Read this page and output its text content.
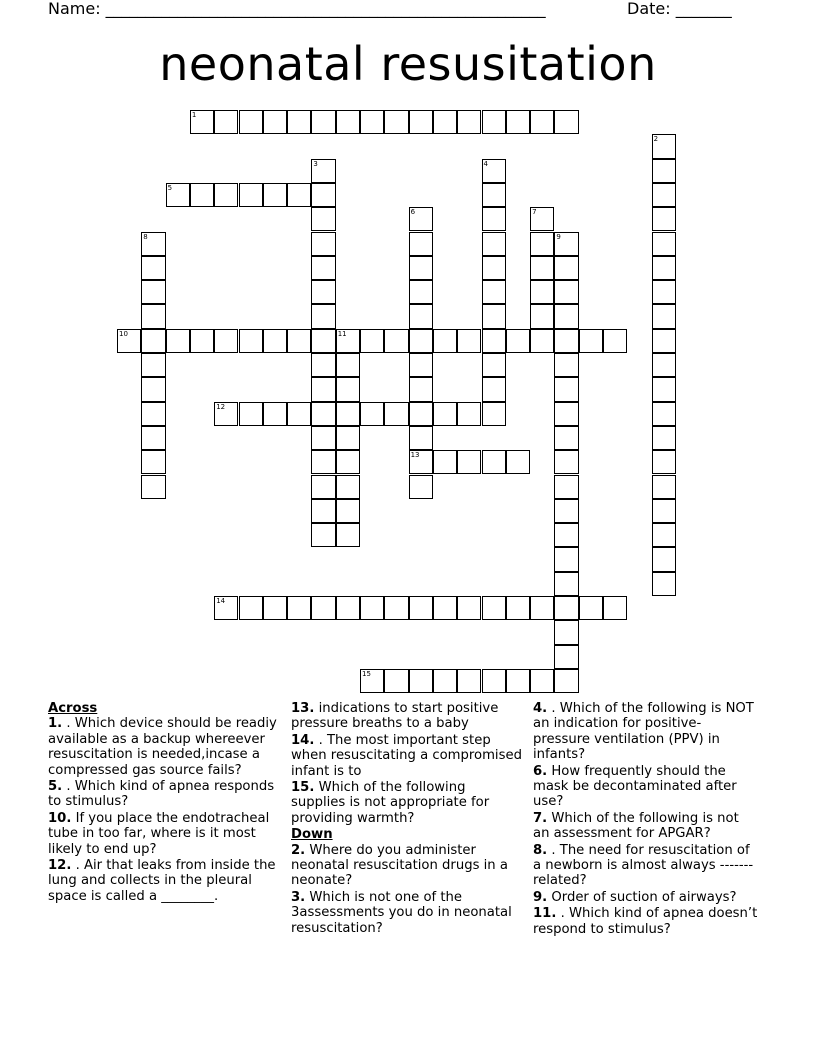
Name: _______________________________________________________	Date: _______
neonatal resusitation
1
2
3	4
5
6
13
7
8	9
10	11
12
14
15
Across
1. . Which device should be readiy available as a backup whereever resuscitation is needed,incase a compressed gas source fails?
5. . Which kind of apnea responds to stimulus?
10. If you place the endotracheal tube in too far, where is it most likely to end up?
12. . Air that leaks from inside the lung and collects in the pleural space is called a ________.
13. indications to start positive pressure breaths to a baby
14. . The most important step when resuscitating a compromised infant is to
15. Which of the following supplies is not appropriate for providing warmth?
Down
2. Where do you administer neonatal resuscitation drugs in a neonate?
3. Which is not one of the 3assessments you do in neonatal resuscitation?
4. . Which of the following is NOT an indication for positive-pressure ventilation (PPV) in infants?
6. How frequently should the mask be decontaminated after use?
7. Which of the following is not an assessment for APGAR?
8. . The need for resuscitation of a newborn is almost always ------- related?
9. Order of suction of airways?
11. . Which kind of apnea doesn’t respond to stimulus?
